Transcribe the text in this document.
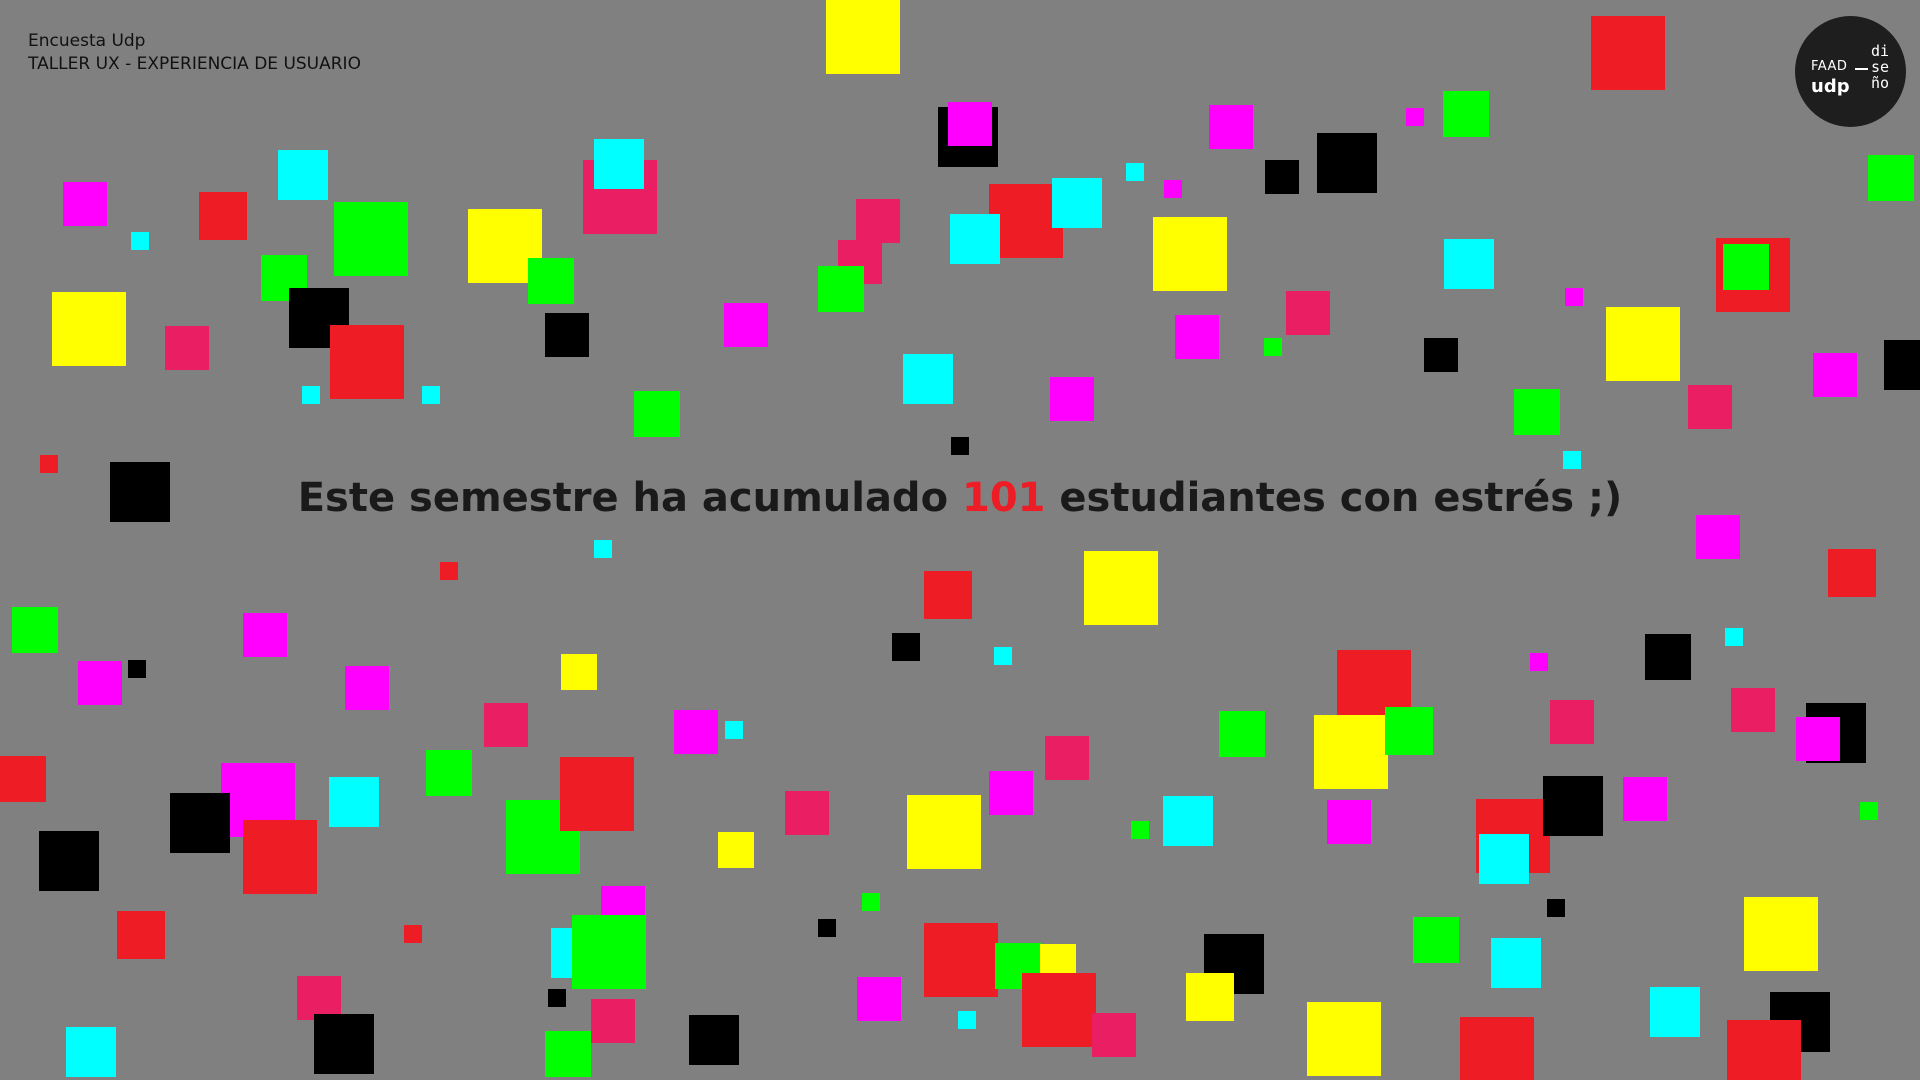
Encuesta Udp
TALLER UX - EXPERIENCIA DE USUARIO	FAAD
udp
di
se
ño
Este semestre ha acumulado 101 estudiantes con estrés ;)
